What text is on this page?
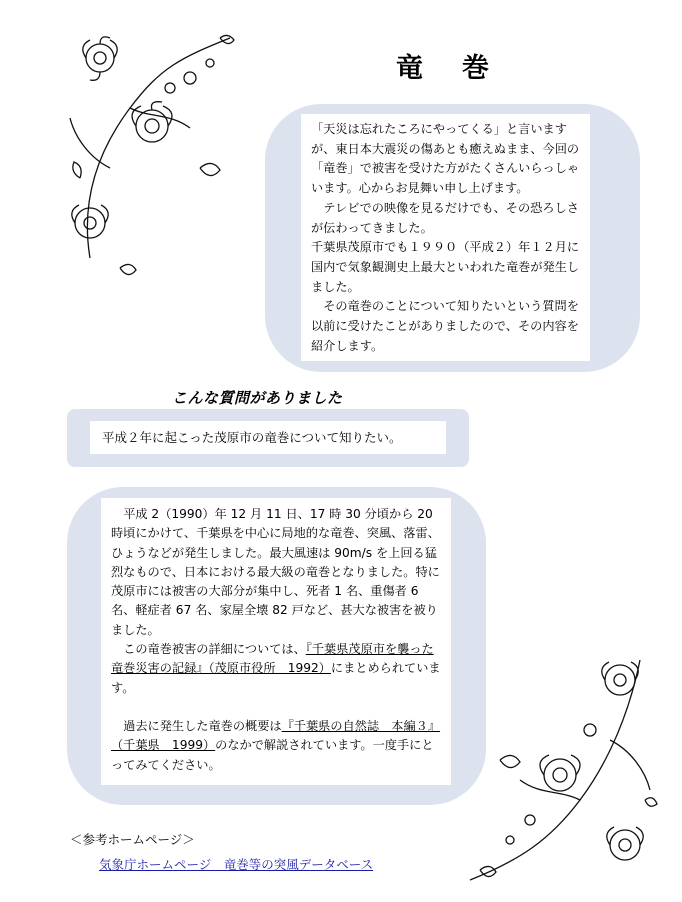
竜　巻

「天災は忘れたころにやってくる」と言いますが、東日本大震災の傷あとも癒えぬまま、今回の「竜巻」で被害を受けた方がたくさんいらっしゃいます。心からお見舞い申し上げます。

テレビでの映像を見るだけでも、その恐ろしさが伝わってきました。

千葉県茂原市でも１９９０（平成２）年１２月に国内で気象観測史上最大といわれた竜巻が発生しました。

その竜巻のことについて知りたいという質問を以前に受けたことがありましたので、その内容を紹介します。

こんな質問がありました
平成２年に起こった茂原市の竜巻について知りたい。

平成 2（1990）年 12 月 11 日、17 時 30 分頃から 20 時頃にかけて、千葉県を中心に局地的な竜巻、突風、落雷、ひょうなどが発生しました。最大風速は 90m/s を上回る猛烈なもので、日本における最大級の竜巻となりました。特に茂原市には被害の大部分が集中し、死者 1 名、重傷者 6 名、軽症者 67 名、家屋全壊 82 戸など、甚大な被害を被りました。

この竜巻被害の詳細については、『千葉県茂原市を襲った竜巻災害の記録』（茂原市役所　1992）にまとめられています。

過去に発生した竜巻の概要は『千葉県の自然誌　本編３』（千葉県　1999）のなかで解説されています。一度手にとってみてください。

＜参考ホームページ＞
気象庁ホームページ　竜巻等の突風データベース
